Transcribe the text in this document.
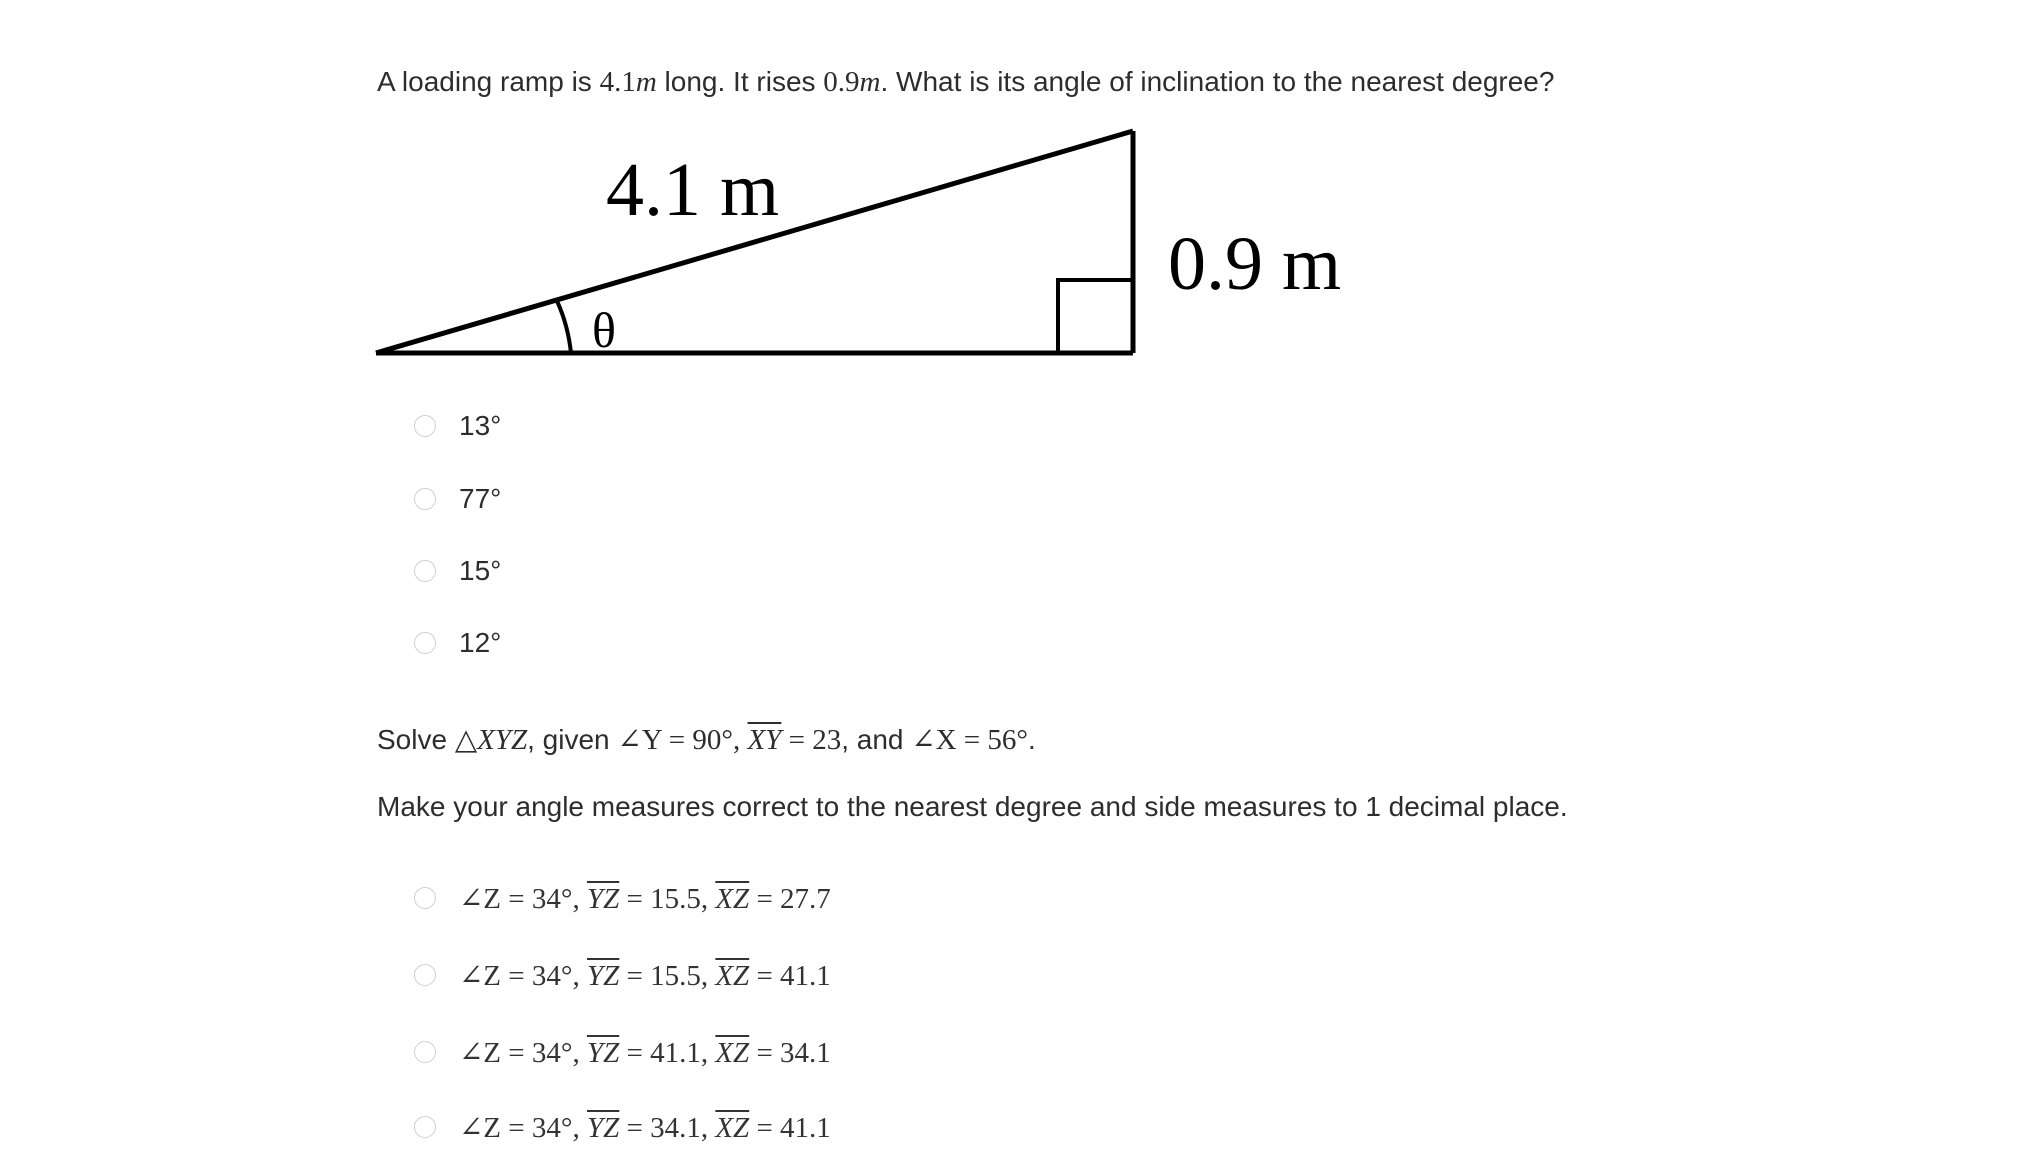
A loading ramp is 4.1m long. It rises 0.9m. What is its angle of inclination to the nearest degree?
4.1 m
0.9 m
θ
13°
77°
15°
12°
Solve △XYZ, given ∠Y = 90°, $\overline{XY} = 23$, and ∠X = 56°.
Make your angle measures correct to the nearest degree and side measures to 1 decimal place.
∠Z = 34°, $\overline{YZ} = 15.5$, $\overline{XZ} = 27.7$
∠Z = 34°, $\overline{YZ} = 15.5$, $\overline{XZ} = 41.1$
∠Z = 34°, $\overline{YZ} = 41.1$, $\overline{XZ} = 34.1$
∠Z = 34°, $\overline{YZ} = 34.1$, $\overline{XZ} = 41.1$
